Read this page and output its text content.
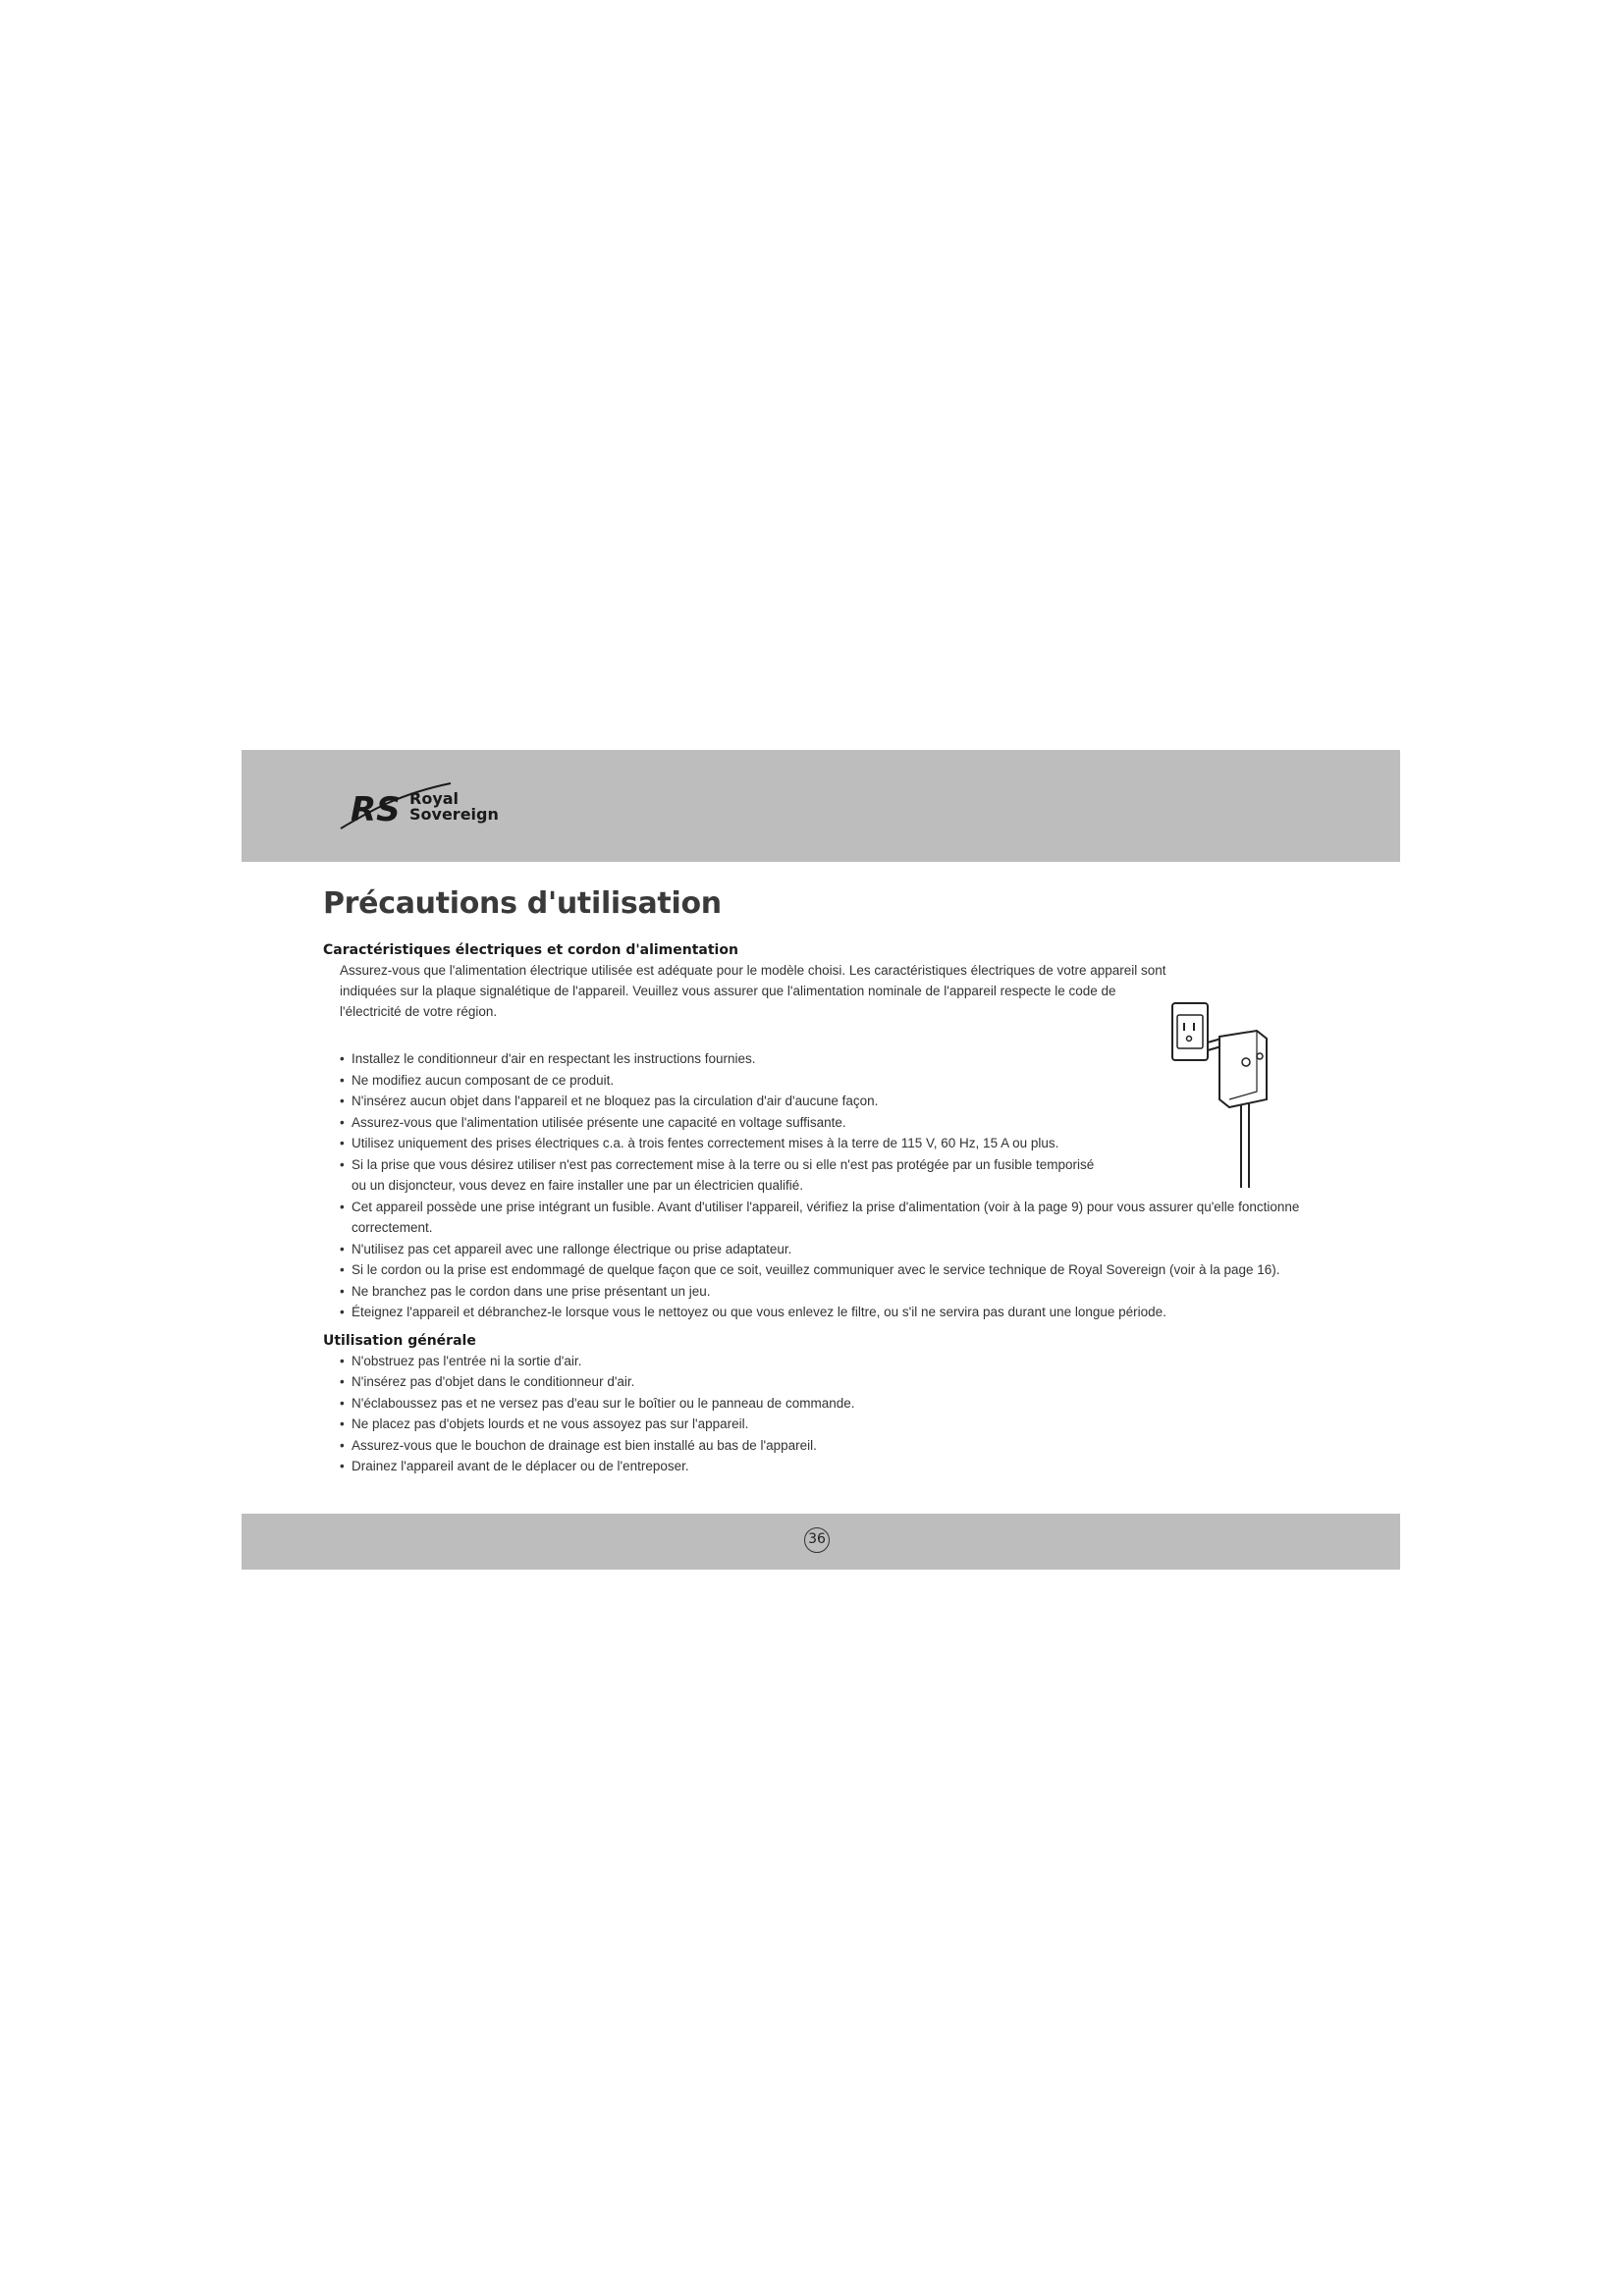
RS Royal
Sovereign
Précautions d'utilisation
Caractéristiques électriques et cordon d'alimentation

Assurez-vous que l'alimentation électrique utilisée est adéquate pour le modèle choisi. Les caractéristiques électriques de votre appareil sont indiquées sur la plaque signalétique de l'appareil. Veuillez vous assurer que l'alimentation nominale de l'appareil respecte le code de l'électricité de votre région.

• Installez le conditionneur d'air en respectant les instructions fournies.
• Ne modifiez aucun composant de ce produit.
• N'insérez aucun objet dans l'appareil et ne bloquez pas la circulation d'air d'aucune façon.
• Assurez-vous que l'alimentation utilisée présente une capacité en voltage suffisante.
• Utilisez uniquement des prises électriques c.a. à trois fentes correctement mises à la terre de 115 V, 60 Hz, 15 A ou plus.
• Si la prise que vous désirez utiliser n'est pas correctement mise à la terre ou si elle n'est pas protégée par un fusible temporisé ou un disjoncteur, vous devez en faire installer une par un électricien qualifié.
• Cet appareil possède une prise intégrant un fusible. Avant d'utiliser l'appareil, vérifiez la prise d'alimentation (voir à la page 9) pour vous assurer qu'elle fonctionne correctement.
• N'utilisez pas cet appareil avec une rallonge électrique ou prise adaptateur.
• Si le cordon ou la prise est endommagé de quelque façon que ce soit, veuillez communiquer avec le service technique de Royal Sovereign (voir à la page 16).
• Ne branchez pas le cordon dans une prise présentant un jeu.
• Éteignez l'appareil et débranchez-le lorsque vous le nettoyez ou que vous enlevez le filtre, ou s'il ne servira pas durant une longue période.
Utilisation générale
• N'obstruez pas l'entrée ni la sortie d'air.
• N'insérez pas d'objet dans le conditionneur d'air.
• N'éclaboussez pas et ne versez pas d'eau sur le boîtier ou le panneau de commande.
• Ne placez pas d'objets lourds et ne vous assoyez pas sur l'appareil.
• Assurez-vous que le bouchon de drainage est bien installé au bas de l'appareil.
• Drainez l'appareil avant de le déplacer ou de l'entreposer.
36
